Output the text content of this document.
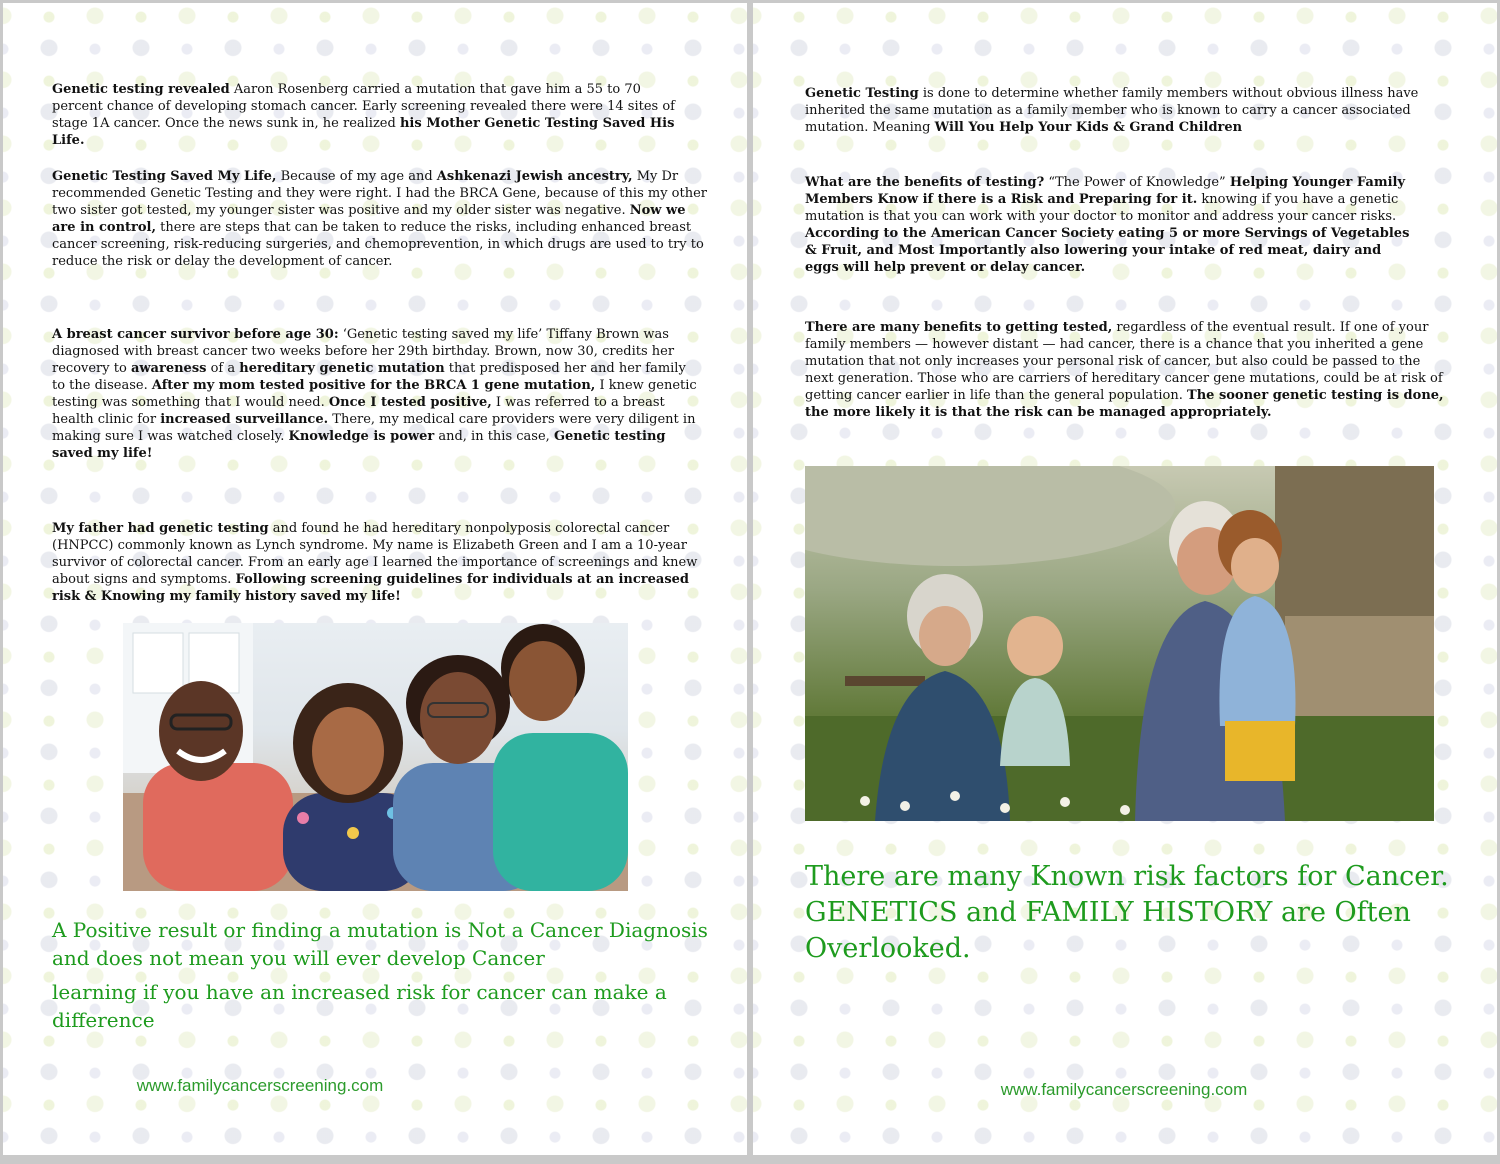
Genetic testing revealed Aaron Rosenberg carried a mutation that gave him a 55 to 70 percent chance of developing stomach cancer. Early screening revealed there were 14 sites of stage 1A cancer. Once the news sunk in, he realized his Mother Genetic Testing Saved His Life.

Genetic Testing Saved My Life, Because of my age and Ashkenazi Jewish ancestry, My Dr recommended Genetic Testing and they were right. I had the BRCA Gene, because of this my other two sister got tested, my younger sister was positive and my older sister was negative. Now we are in control, there are steps that can be taken to reduce the risks, including enhanced breast cancer screening, risk-reducing surgeries, and chemoprevention, in which drugs are used to try to reduce the risk or delay the development of cancer.

A breast cancer survivor before age 30: ‘Genetic testing saved my life’ Tiffany Brown was diagnosed with breast cancer two weeks before her 29th birthday. Brown, now 30, credits her recovery to awareness of a hereditary genetic mutation that predisposed her and her family to the disease. After my mom tested positive for the BRCA 1 gene mutation, I knew genetic testing was something that I would need. Once I tested positive, I was referred to a breast health clinic for increased surveillance. There, my medical care providers were very diligent in making sure I was watched closely. Knowledge is power and, in this case, Genetic testing saved my life!

My father had genetic testing and found he had hereditary nonpolyposis colorectal cancer (HNPCC) commonly known as Lynch syndrome. My name is Elizabeth Green and I am a 10-year survivor of colorectal cancer. From an early age I learned the importance of screenings and knew about signs and symptoms. Following screening guidelines for individuals at an increased risk & Knowing my family history saved my life!

A Positive result or finding a mutation is Not a Cancer Diagnosis and does not mean you will ever develop Cancer

learning if you have an increased risk for cancer can make a difference

www.familycancerscreening.com

Genetic Testing is done to determine whether family members without obvious illness have inherited the same mutation as a family member who is known to carry a cancer associated mutation. Meaning Will You Help Your Kids & Grand Children

What are the benefits of testing? “The Power of Knowledge” Helping Younger Family Members Know if there is a Risk and Preparing for it. knowing if you have a genetic mutation is that you can work with your doctor to monitor and address your cancer risks. According to the American Cancer Society eating 5 or more Servings of Vegetables & Fruit, and Most Importantly also lowering your intake of red meat, dairy and eggs will help prevent or delay cancer.

There are many benefits to getting tested, regardless of the eventual result. If one of your family members — however distant — had cancer, there is a chance that you inherited a gene mutation that not only increases your personal risk of cancer, but also could be passed to the next generation. Those who are carriers of hereditary cancer gene mutations, could be at risk of getting cancer earlier in life than the general population. The sooner genetic testing is done, the more likely it is that the risk can be managed appropriately.

There are many Known risk factors for Cancer. GENETICS and FAMILY HISTORY are Often Overlooked.

www.familycancerscreening.com
